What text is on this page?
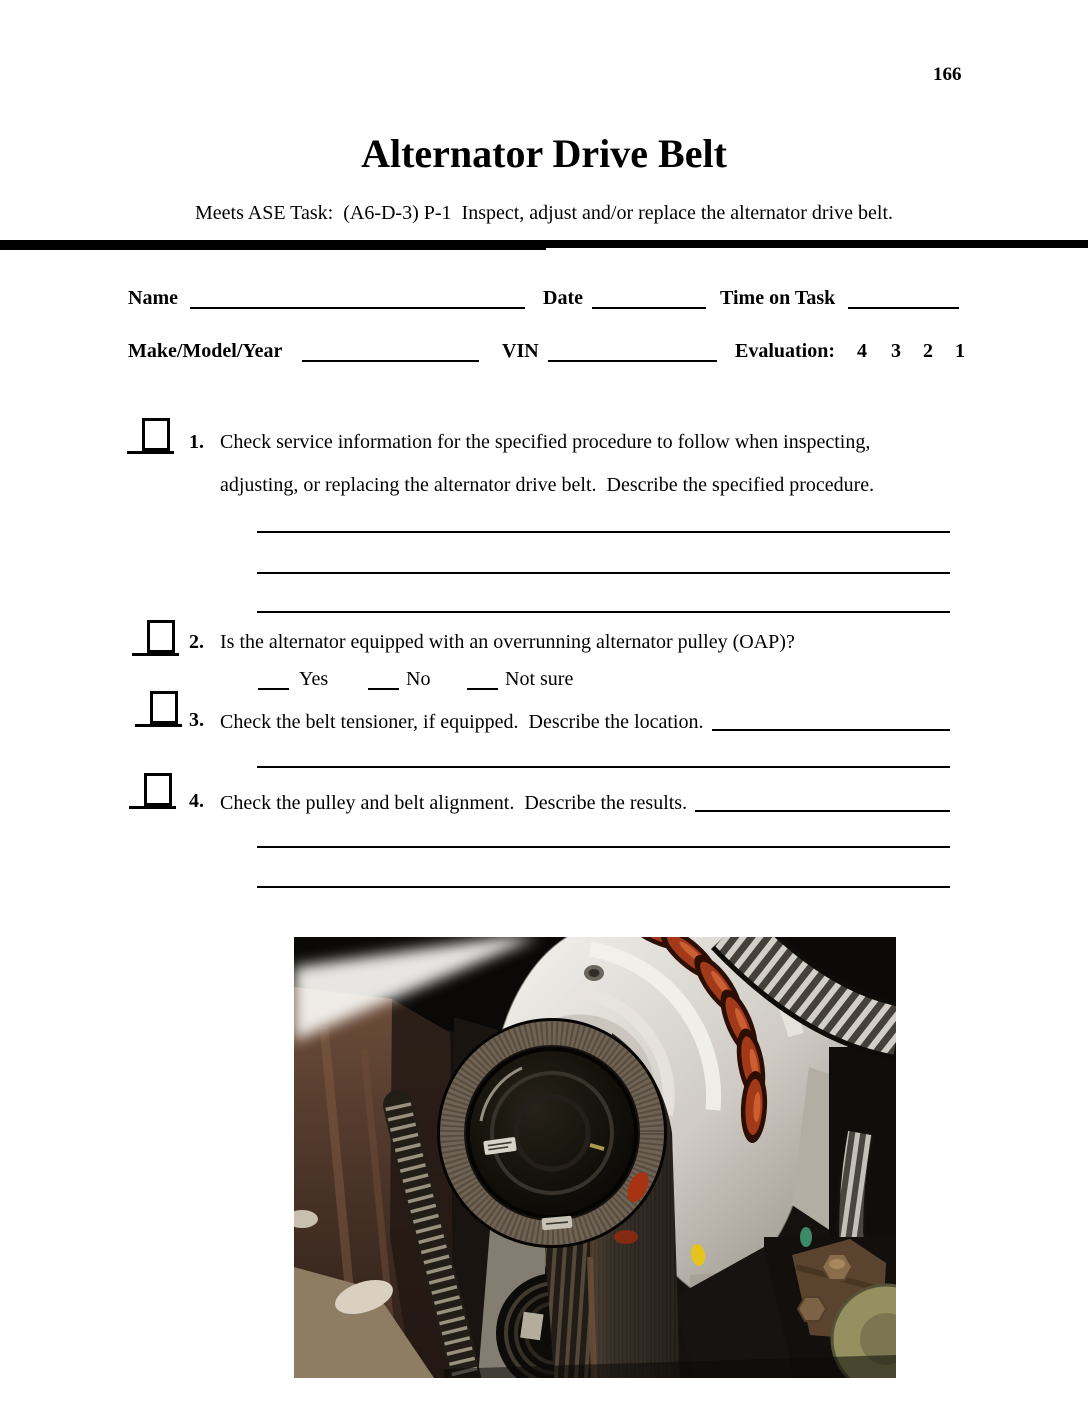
166
Alternator Drive Belt
Meets ASE Task:  (A6-D-3) P-1  Inspect, adjust and/or replace the alternator drive belt.
Name	Date	Time on Task
Make/Model/Year	VIN	Evaluation: 4 3 2 1
1. Check service information for the specified procedure to follow when inspecting,
adjusting, or replacing the alternator drive belt.  Describe the specified procedure.
2. Is the alternator equipped with an overrunning alternator pulley (OAP)?
Yes	No	Not sure
3. Check the belt tensioner, if equipped.  Describe the location.
4. Check the pulley and belt alignment.  Describe the results.
